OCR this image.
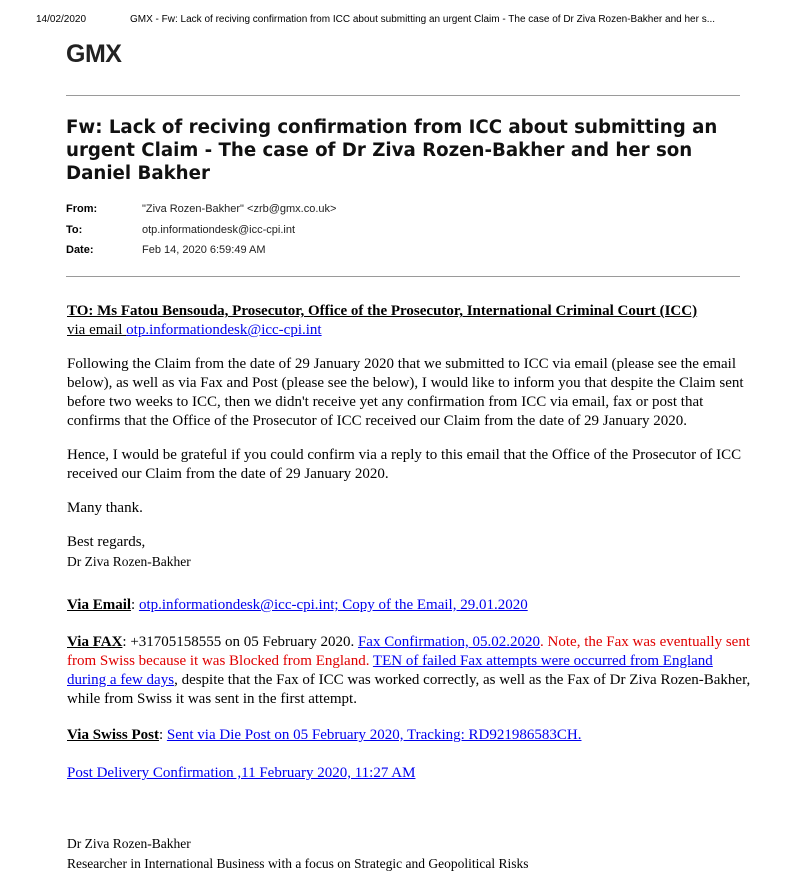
14/02/2020	GMX - Fw: Lack of reciving confirmation from ICC about submitting an urgent Claim - The case of Dr Ziva Rozen-Bakher and her s...
GMX
Fw: Lack of reciving confirmation from ICC about submitting an urgent Claim - The case of Dr Ziva Rozen-Bakher and her son Daniel Bakher
From:	"Ziva Rozen-Bakher" <zrb@gmx.co.uk>
To:	otp.informationdesk@icc-cpi.int
Date:	Feb 14, 2020 6:59:49 AM

TO: Ms Fatou Bensouda, Prosecutor, Office of the Prosecutor, International Criminal Court (ICC)
via email otp.informationdesk@icc-cpi.int

Following the Claim from the date of 29 January 2020 that we submitted to ICC via email (please see the email below), as well as via Fax and Post (please see the below), I would like to inform you that despite the Claim sent before two weeks to ICC, then we didn't receive yet any confirmation from ICC via email, fax or post that confirms that the Office of the Prosecutor of ICC received our Claim from the date of 29 January 2020.

Hence, I would be grateful if you could confirm via a reply to this email that the Office of the Prosecutor of ICC received our Claim from the date of 29 January 2020.

Many thank.

Best regards,
Dr Ziva Rozen-Bakher

Via Email: otp.informationdesk@icc-cpi.int; Copy of the Email, 29.01.2020

Via FAX: +31705158555 on 05 February 2020. Fax Confirmation, 05.02.2020. Note, the Fax was eventually sent from Swiss because it was Blocked from England. TEN of failed Fax attempts were occurred from England during a few days, despite that the Fax of ICC was worked correctly, as well as the Fax of Dr Ziva Rozen-Bakher, while from Swiss it was sent in the first attempt.

Via Swiss Post: Sent via Die Post on 05 February 2020, Tracking: RD921986583CH.

Post Delivery Confirmation ,11 February 2020, 11:27 AM

Dr Ziva Rozen-Bakher
Researcher in International Business with a focus on Strategic and Geopolitical Risks
